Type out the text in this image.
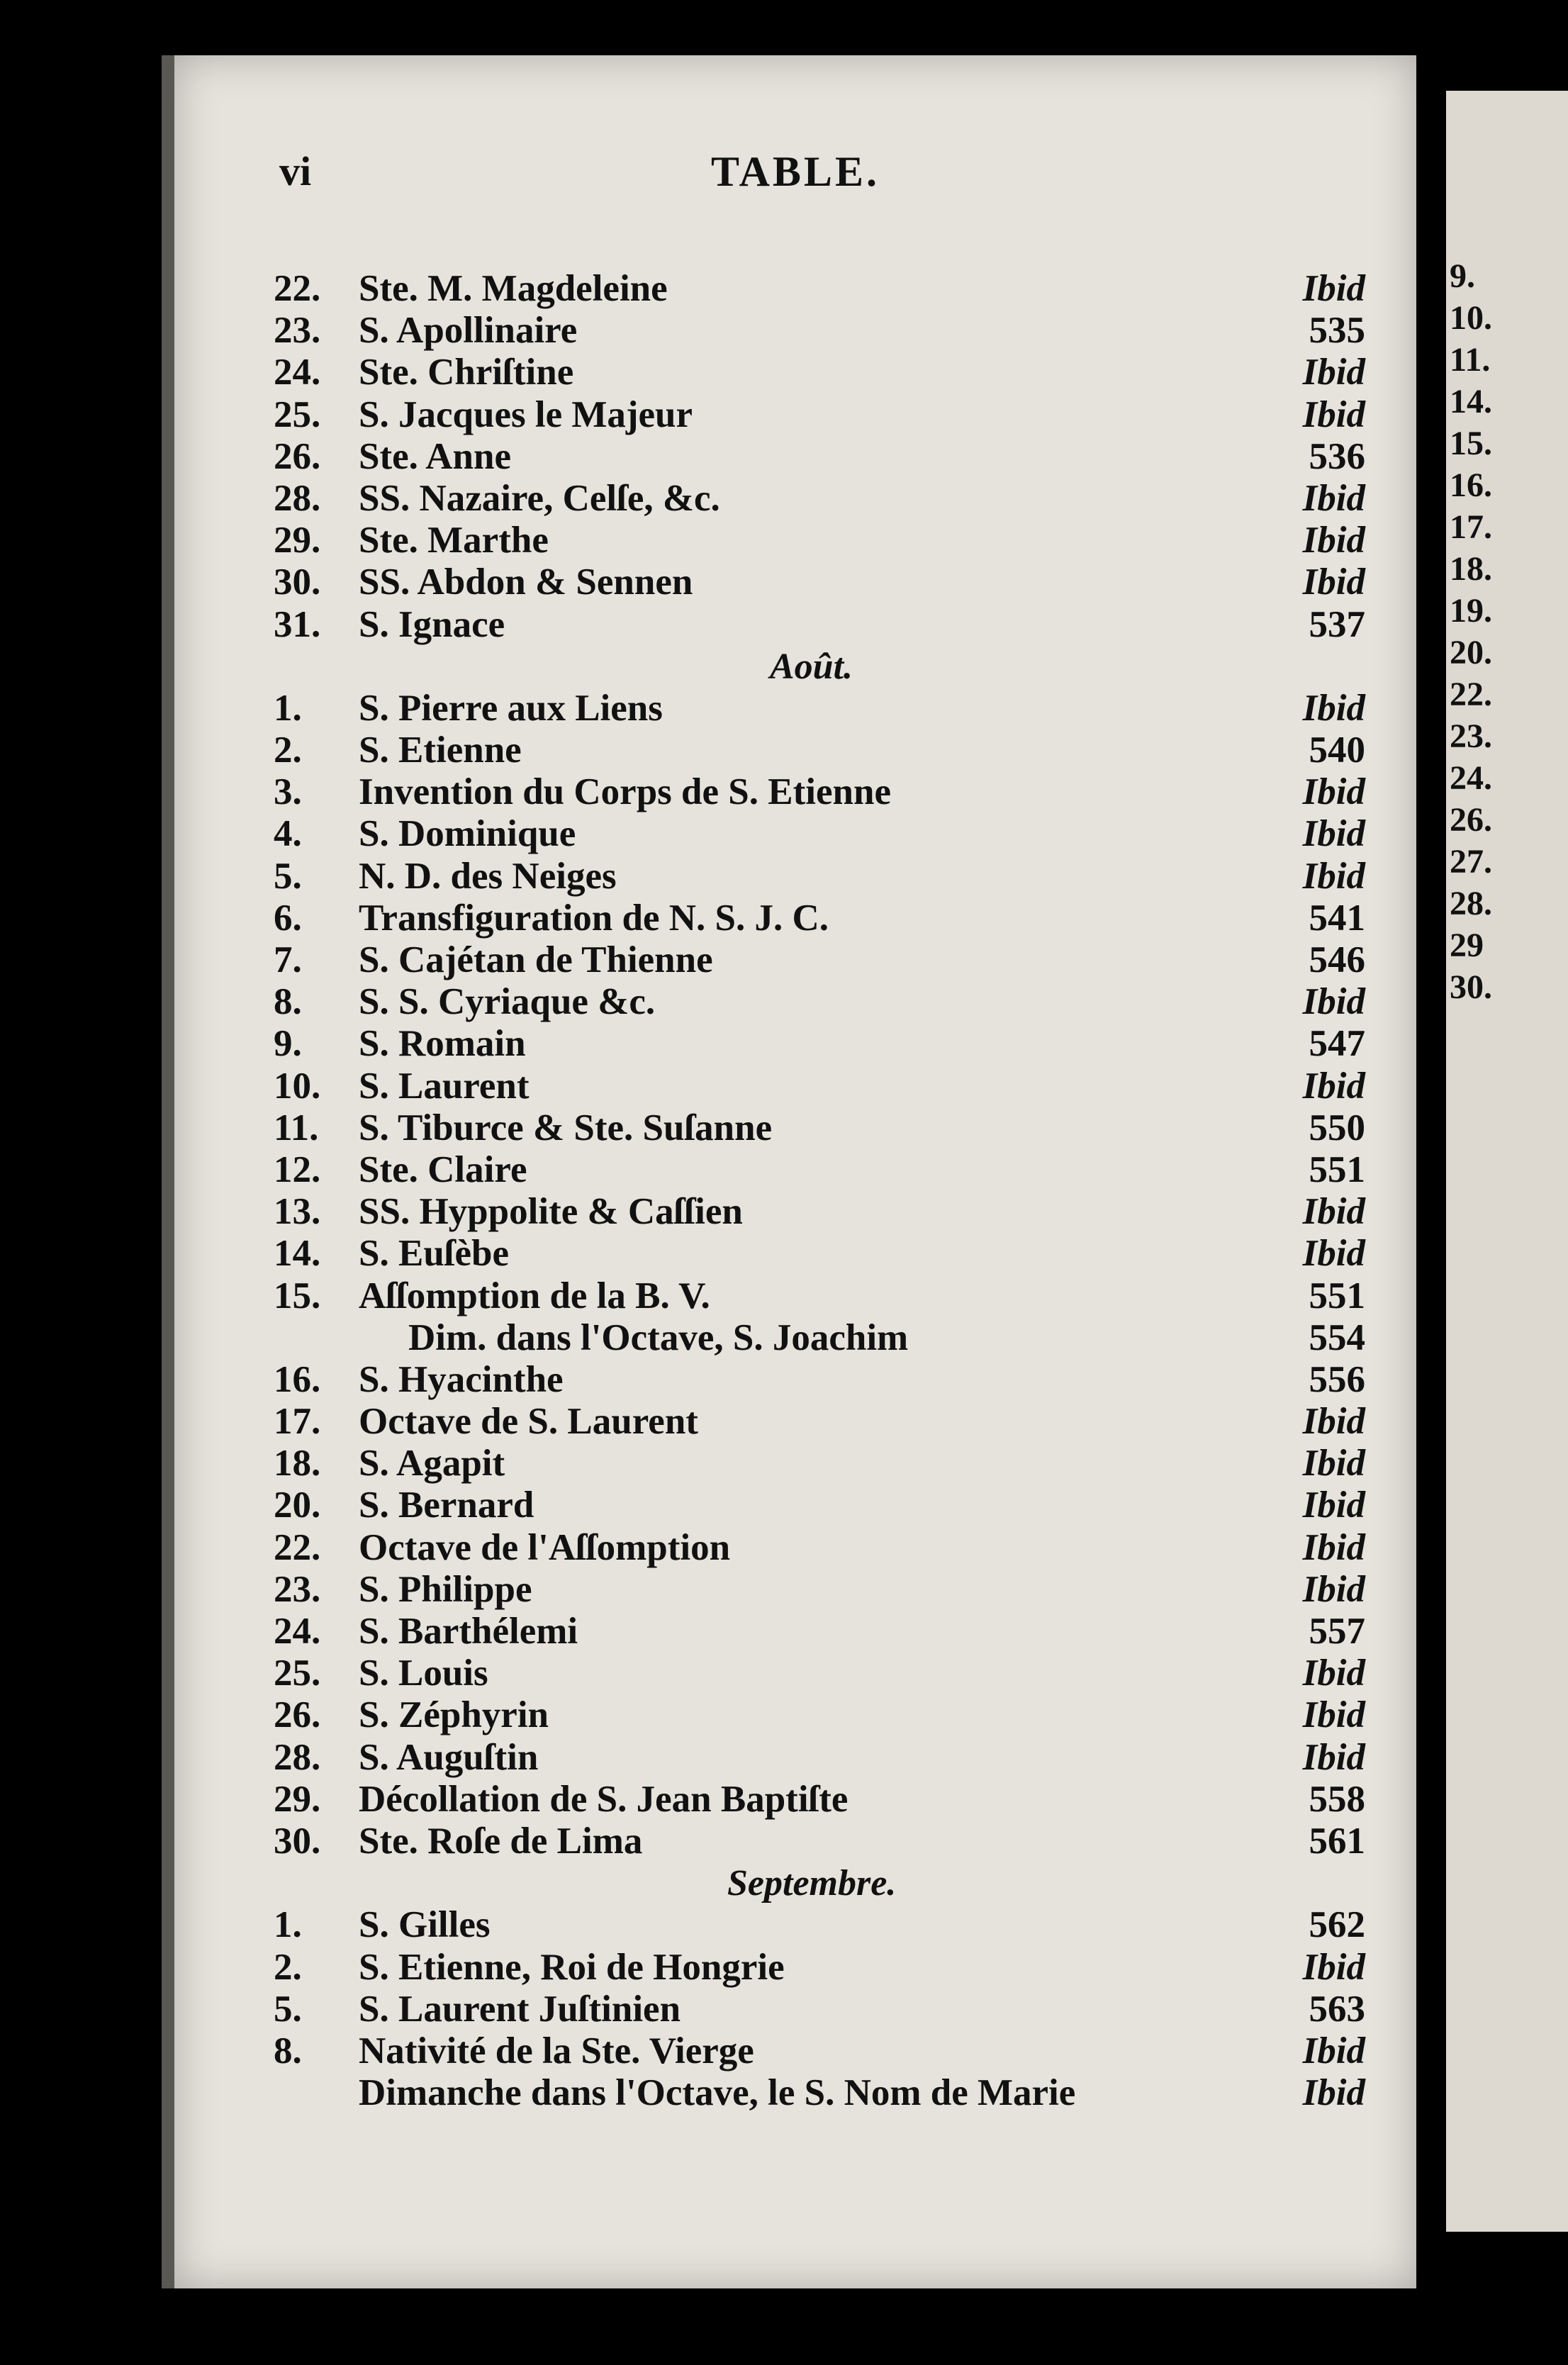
vi	TABLE.
22.	Ste. M. Magdeleine	Ibid
23.	S. Apollinaire	535
24.	Ste. Chriſtine	Ibid
25.	S. Jacques le Majeur	Ibid
26.	Ste. Anne	536
28.	SS. Nazaire, Celſe, &c.	Ibid
29.	Ste. Marthe	Ibid
30.	SS. Abdon & Sennen	Ibid
31.	S. Ignace	537
Août.
1.	S. Pierre aux Liens	Ibid
2.	S. Etienne	540
3.	Invention du Corps de S. Etienne	Ibid
4.	S. Dominique	Ibid
5.	N. D. des Neiges	Ibid
6.	Transfiguration de N. S. J. C.	541
7.	S. Cajétan de Thienne	546
8.	S. S. Cyriaque &c.	Ibid
9.	S. Romain	547
10.	S. Laurent	Ibid
11.	S. Tiburce & Ste. Suſanne	550
12.	Ste. Claire	551
13.	SS. Hyppolite & Caſſien	Ibid
14.	S. Euſèbe	Ibid
15.	Aſſomption de la B. V.	551
Dim. dans l'Octave, S. Joachim	554
16.	S. Hyacinthe	556
17.	Octave de S. Laurent	Ibid
18.	S. Agapit	Ibid
20.	S. Bernard	Ibid
22.	Octave de l'Aſſomption	Ibid
23.	S. Philippe	Ibid
24.	S. Barthélemi	557
25.	S. Louis	Ibid
26.	S. Zéphyrin	Ibid
28.	S. Auguſtin	Ibid
29.	Décollation de S. Jean Baptiſte	558
30.	Ste. Roſe de Lima	561
Septembre.
1.	S. Gilles	562
2.	S. Etienne, Roi de Hongrie	Ibid
5.	S. Laurent Juſtinien	563
8.	Nativité de la Ste. Vierge	Ibid
Dimanche dans l'Octave, le S. Nom de Marie	Ibid
9.
10.
11.
14.
15.
16.
17.
18.
19.
20.
22.
23.
24.
26.
27.
28.
29
30.
